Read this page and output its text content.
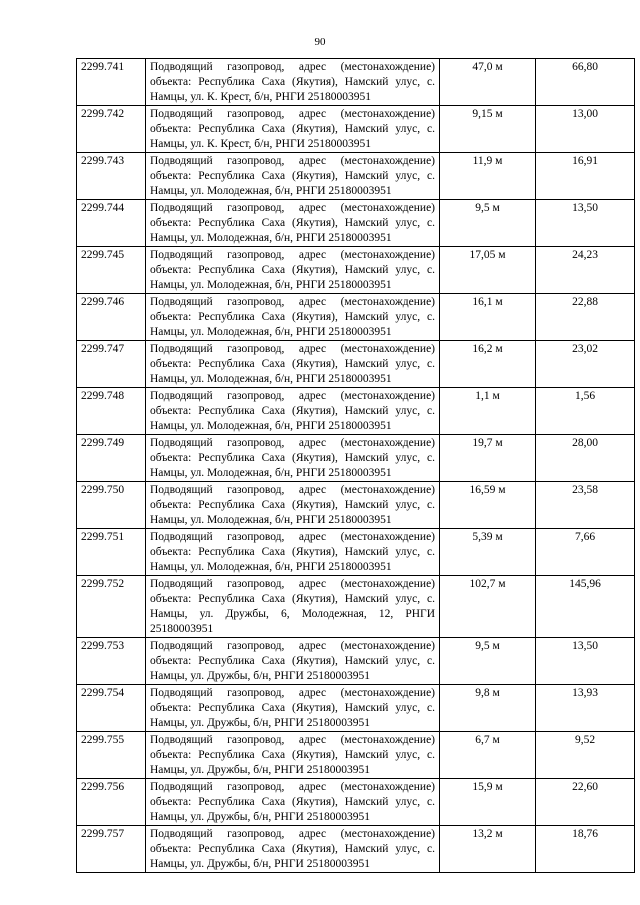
90
2299.741	Подводящий газопровод, адрес (местонахождение) объекта: Республика Саха (Якутия), Намский улус, с. Намцы, ул. К. Крест, б/н, РНГИ 25180003951	47,0 м	66,80
2299.742	Подводящий газопровод, адрес (местонахождение) объекта: Республика Саха (Якутия), Намский улус, с. Намцы, ул. К. Крест, б/н, РНГИ 25180003951	9,15 м	13,00
2299.743	Подводящий газопровод, адрес (местонахождение) объекта: Республика Саха (Якутия), Намский улус, с. Намцы, ул. Молодежная, б/н, РНГИ 25180003951	11,9 м	16,91
2299.744	Подводящий газопровод, адрес (местонахождение) объекта: Республика Саха (Якутия), Намский улус, с. Намцы, ул. Молодежная, б/н, РНГИ 25180003951	9,5 м	13,50
2299.745	Подводящий газопровод, адрес (местонахождение) объекта: Республика Саха (Якутия), Намский улус, с. Намцы, ул. Молодежная, б/н, РНГИ 25180003951	17,05 м	24,23
2299.746	Подводящий газопровод, адрес (местонахождение) объекта: Республика Саха (Якутия), Намский улус, с. Намцы, ул. Молодежная, б/н, РНГИ 25180003951	16,1 м	22,88
2299.747	Подводящий газопровод, адрес (местонахождение) объекта: Республика Саха (Якутия), Намский улус, с. Намцы, ул. Молодежная, б/н, РНГИ 25180003951	16,2 м	23,02
2299.748	Подводящий газопровод, адрес (местонахождение) объекта: Республика Саха (Якутия), Намский улус, с. Намцы, ул. Молодежная, б/н, РНГИ 25180003951	1,1 м	1,56
2299.749	Подводящий газопровод, адрес (местонахождение) объекта: Республика Саха (Якутия), Намский улус, с. Намцы, ул. Молодежная, б/н, РНГИ 25180003951	19,7 м	28,00
2299.750	Подводящий газопровод, адрес (местонахождение) объекта: Республика Саха (Якутия), Намский улус, с. Намцы, ул. Молодежная, б/н, РНГИ 25180003951	16,59 м	23,58
2299.751	Подводящий газопровод, адрес (местонахождение) объекта: Республика Саха (Якутия), Намский улус, с. Намцы, ул. Молодежная, б/н, РНГИ 25180003951	5,39 м	7,66
2299.752	Подводящий газопровод, адрес (местонахождение) объекта: Республика Саха (Якутия), Намский улус, с. Намцы, ул. Дружбы, 6, Молодежная, 12, РНГИ 25180003951	102,7 м	145,96
2299.753	Подводящий газопровод, адрес (местонахождение) объекта: Республика Саха (Якутия), Намский улус, с. Намцы, ул. Дружбы, б/н, РНГИ 25180003951	9,5 м	13,50
2299.754	Подводящий газопровод, адрес (местонахождение) объекта: Республика Саха (Якутия), Намский улус, с. Намцы, ул. Дружбы, б/н, РНГИ 25180003951	9,8 м	13,93
2299.755	Подводящий газопровод, адрес (местонахождение) объекта: Республика Саха (Якутия), Намский улус, с. Намцы, ул. Дружбы, б/н, РНГИ 25180003951	6,7 м	9,52
2299.756	Подводящий газопровод, адрес (местонахождение) объекта: Республика Саха (Якутия), Намский улус, с. Намцы, ул. Дружбы, б/н, РНГИ 25180003951	15,9 м	22,60
2299.757	Подводящий газопровод, адрес (местонахождение) объекта: Республика Саха (Якутия), Намский улус, с. Намцы, ул. Дружбы, б/н, РНГИ 25180003951	13,2 м	18,76
